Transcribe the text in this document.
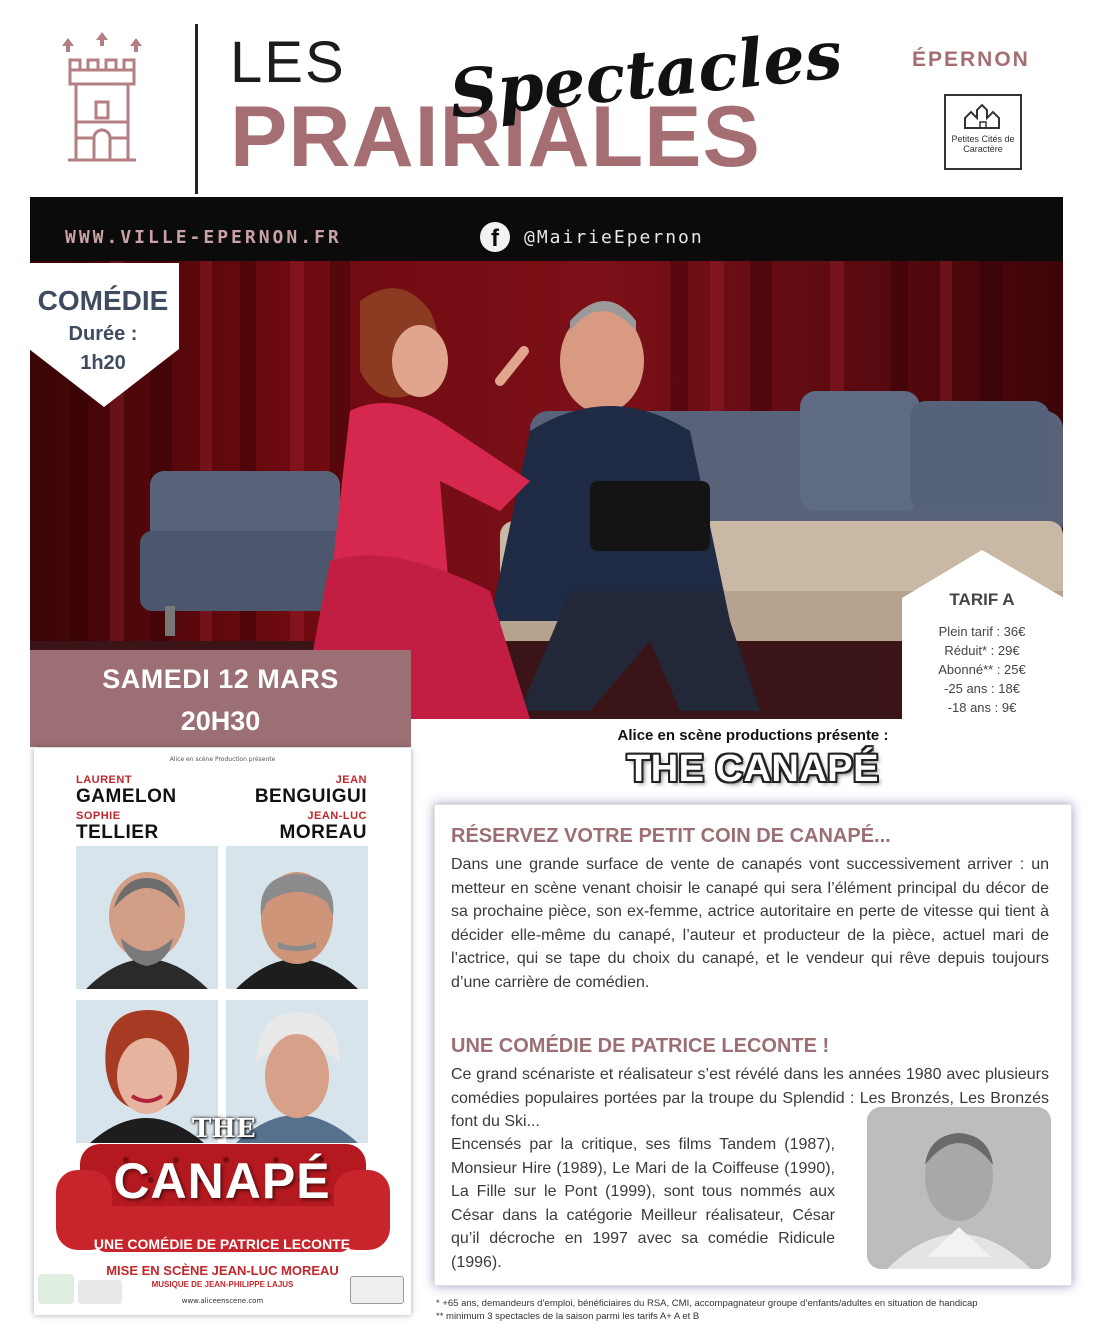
LES
PRAIRIALES
Spectacles	ÉPERNON
Petites Cités de Caractère
WWW.VILLE-EPERNON.FR	f	@MairieEpernon
COMÉDIE
Durée :
1h20
TARIF A
Plein tarif : 36€
Réduit* : 29€
Abonné** : 25€
-25 ans : 18€
-18 ans : 9€
SAMEDI 12 MARS
20H30
Alice en scène Production présente
LAURENT
GAMELON
JEAN
BENGUIGUI
SOPHIE
TELLIER
JEAN-LUC
MOREAU
THE
CANAPÉ
UNE COMÉDIE DE PATRICE LECONTE
MISE EN SCÈNE JEAN-LUC MOREAU
MUSIQUE DE JEAN-PHILIPPE LAJUS
www.aliceenscene.com
Alice en scène productions présente :
THE CANAPÉ
RÉSERVEZ VOTRE PETIT COIN DE CANAPÉ...
Dans une grande surface de vente de canapés vont successivement arriver : un metteur en scène venant choisir le canapé qui sera l’élément principal du décor de sa prochaine pièce, son ex-femme, actrice autoritaire en perte de vitesse qui tient à décider elle-même du canapé, l’auteur et producteur de la pièce, actuel mari de l’actrice, qui se tape du choix du canapé, et le vendeur qui rêve depuis toujours d’une carrière de comédien.
UNE COMÉDIE DE PATRICE LECONTE !
Ce grand scénariste et réalisateur s’est révélé dans les années 1980 avec plusieurs comédies populaires portées par la troupe du Splendid : Les Bronzés, Les Bronzés font du Ski...
Encensés par la critique, ses films Tandem (1987), Monsieur Hire (1989), Le Mari de la Coiffeuse (1990), La Fille sur le Pont (1999), sont tous nommés aux César dans la catégorie Meilleur réalisateur, César qu’il décroche en 1997 avec sa comédie Ridicule (1996).
* +65 ans, demandeurs d’emploi, bénéficiaires du RSA, CMI, accompagnateur groupe d’enfants/adultes en situation de handicap
** minimum 3 spectacles de la saison parmi les tarifs A+ A et B
